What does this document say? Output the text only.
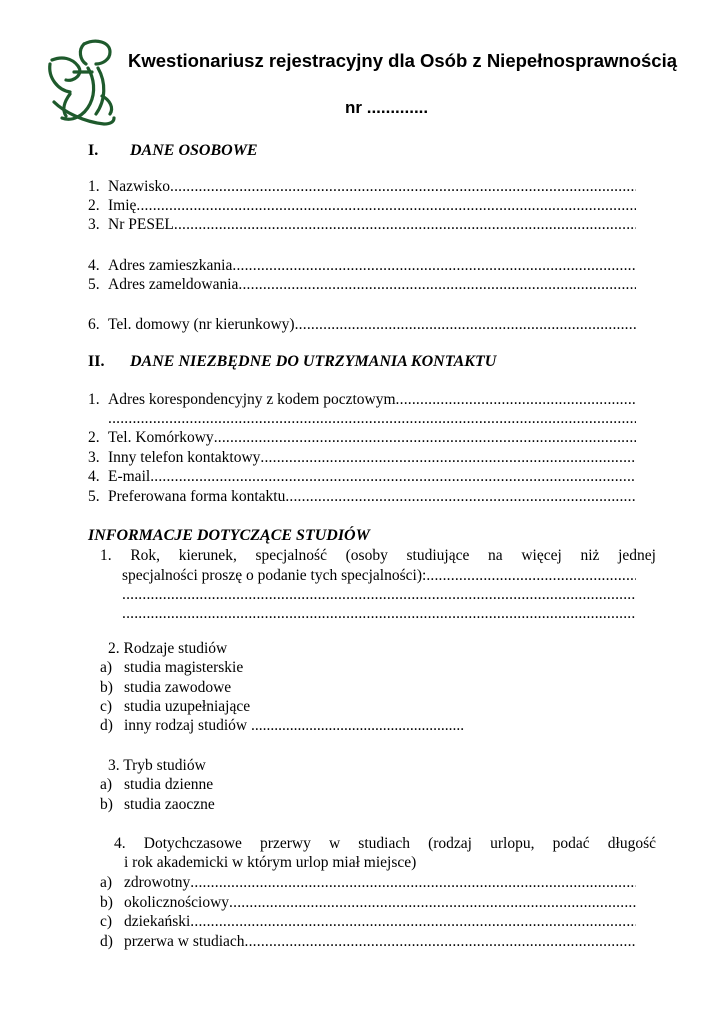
Kwestionariusz rejestracyjny dla Osób z Niepełnosprawnością
nr .............
I. DANE OSOBOWE
1. Nazwisko
.....
2. Imię
.....
3. Nr PESEL
.....
4. Adres zamieszkania
.....
5. Adres zameldowania
.....
6. Tel. domowy (nr kierunkowy)
.....
II. DANE NIEZBĘDNE DO UTRZYMANIA KONTAKTU
1. Adres korespondencyjny z kodem pocztowym
.....
.....
2. Tel. Komórkowy
.....
3. Inny telefon kontaktowy
.....
4. E-mail
.....
5. Preferowana forma kontaktu
.....
INFORMACJE DOTYCZĄCE STUDIÓW
1. Rok, kierunek, specjalność (osoby studiujące na więcej niż jednej
specjalności proszę o podanie tych specjalności):
.....
.....
.....
2. Rodzaje studiów
a) studia magisterskie
b) studia zawodowe
c) studia uzupełniające
d) inny rodzaj studiów .......................................................
3. Tryb studiów
a) studia dzienne
b) studia zaoczne
4. Dotychczasowe przerwy w studiach (rodzaj urlopu, podać długość
i rok akademicki w którym urlop miał miejsce)
a) zdrowotny
.....
b) okolicznościowy
.....
c) dziekański
.....
d) przerwa w studiach
.....
